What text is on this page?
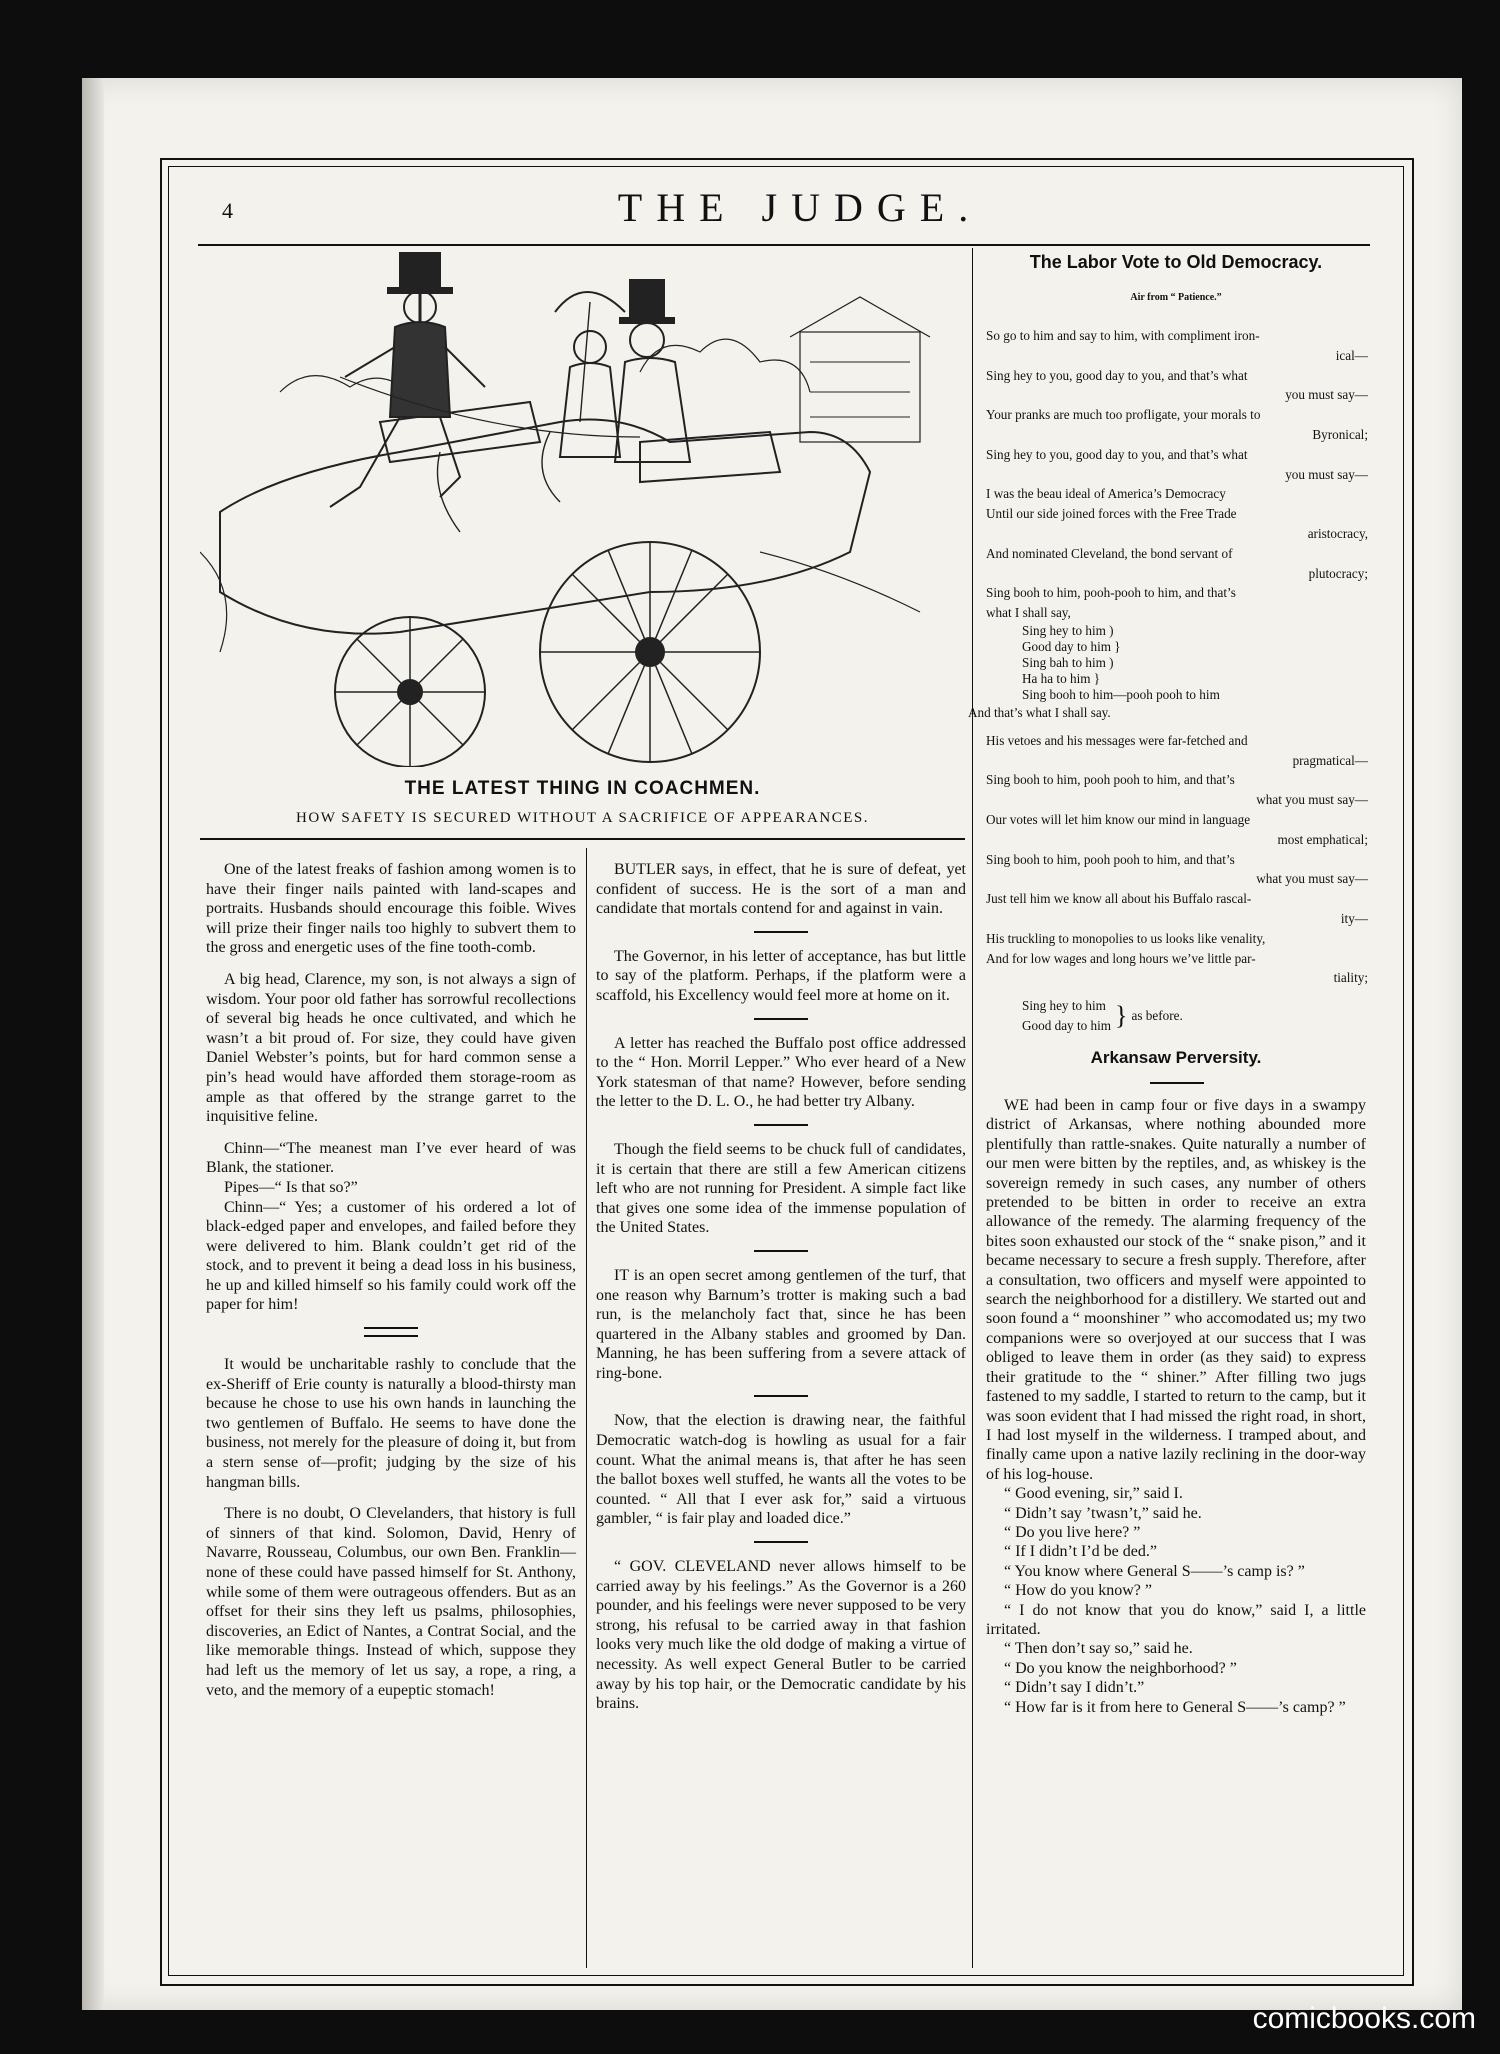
4	THE JUDGE.
THE LATEST THING IN COACHMEN.
HOW SAFETY IS SECURED WITHOUT A SACRIFICE OF APPEARANCES.

One of the latest freaks of fashion among women is to have their finger nails painted with land-scapes and portraits. Husbands should encourage this foible. Wives will prize their finger nails too highly to subvert them to the gross and energetic uses of the fine tooth-comb.

A big head, Clarence, my son, is not always a sign of wisdom. Your poor old father has sorrowful recollections of several big heads he once cultivated, and which he wasn’t a bit proud of. For size, they could have given Daniel Webster’s points, but for hard common sense a pin’s head would have afforded them storage-room as ample as that offered by the strange garret to the inquisitive feline.

Chinn—“The meanest man I’ve ever heard of was Blank, the stationer.

Pipes—“ Is that so?”

Chinn—“ Yes; a customer of his ordered a lot of black-edged paper and envelopes, and failed before they were delivered to him. Blank couldn’t get rid of the stock, and to prevent it being a dead loss in his business, he up and killed himself so his family could work off the paper for him!

It would be uncharitable rashly to conclude that the ex-Sheriff of Erie county is naturally a blood-thirsty man because he chose to use his own hands in launching the two gentlemen of Buffalo. He seems to have done the business, not merely for the pleasure of doing it, but from a stern sense of—profit; judging by the size of his hangman bills.

There is no doubt, O Clevelanders, that history is full of sinners of that kind. Solomon, David, Henry of Navarre, Rousseau, Columbus, our own Ben. Franklin—none of these could have passed himself for St. Anthony, while some of them were outrageous offenders. But as an offset for their sins they left us psalms, philosophies, discoveries, an Edict of Nantes, a Contrat Social, and the like memorable things. Instead of which, suppose they had left us the memory of let us say, a rope, a ring, a veto, and the memory of a eupeptic stomach!

BUTLER says, in effect, that he is sure of defeat, yet confident of success. He is the sort of a man and candidate that mortals contend for and against in vain.

The Governor, in his letter of acceptance, has but little to say of the platform. Perhaps, if the platform were a scaffold, his Excellency would feel more at home on it.

A letter has reached the Buffalo post office addressed to the “ Hon. Morril Lepper.” Who ever heard of a New York statesman of that name? However, before sending the letter to the D. L. O., he had better try Albany.

Though the field seems to be chuck full of candidates, it is certain that there are still a few American citizens left who are not running for President. A simple fact like that gives one some idea of the immense population of the United States.

IT is an open secret among gentlemen of the turf, that one reason why Barnum’s trotter is making such a bad run, is the melancholy fact that, since he has been quartered in the Albany stables and groomed by Dan. Manning, he has been suffering from a severe attack of ring-bone.

Now, that the election is drawing near, the faithful Democratic watch-dog is howling as usual for a fair count. What the animal means is, that after he has seen the ballot boxes well stuffed, he wants all the votes to be counted. “ All that I ever ask for,” said a virtuous gambler, “ is fair play and loaded dice.”

“ GOV. CLEVELAND never allows himself to be carried away by his feelings.” As the Governor is a 260 pounder, and his feelings were never supposed to be very strong, his refusal to be carried away in that fashion looks very much like the old dodge of making a virtue of necessity. As well expect General Butler to be carried away by his top hair, or the Democratic candidate by his brains.

The Labor Vote to Old Democracy.
Air from “ Patience.”

So go to him and say to him, with compliment iron-

ical—

Sing hey to you, good day to you, and that’s what

you must say—

Your pranks are much too profligate, your morals to

Byronical;

Sing hey to you, good day to you, and that’s what

you must say—

I was the beau ideal of America’s Democracy

Until our side joined forces with the Free Trade

aristocracy,

And nominated Cleveland, the bond servant of

plutocracy;

Sing booh to him, pooh-pooh to him, and that’s

what I shall say,

Sing hey to him )
Good day to him }
Sing bah to him )
Ha ha to him }
Sing booh to him—pooh pooh to him

And that’s what I shall say.

His vetoes and his messages were far-fetched and

pragmatical—

Sing booh to him, pooh pooh to him, and that’s

what you must say—

Our votes will let him know our mind in language

most emphatical;

Sing booh to him, pooh pooh to him, and that’s

what you must say—

Just tell him we know all about his Buffalo rascal-

ity—

His truckling to monopolies to us looks like venality,

And for low wages and long hours we’ve little par-

tiality;

Sing hey to him
Good day to him } as before.
Arkansaw Perversity.

WE had been in camp four or five days in a swampy district of Arkansas, where nothing abounded more plentifully than rattle-snakes. Quite naturally a number of our men were bitten by the reptiles, and, as whiskey is the sovereign remedy in such cases, any number of others pretended to be bitten in order to receive an extra allowance of the remedy. The alarming frequency of the bites soon exhausted our stock of the “ snake pison,” and it became necessary to secure a fresh supply. Therefore, after a consultation, two officers and myself were appointed to search the neighborhood for a distillery. We started out and soon found a “ moonshiner ” who accomodated us; my two companions were so overjoyed at our success that I was obliged to leave them in order (as they said) to express their gratitude to the “ shiner.” After filling two jugs fastened to my saddle, I started to return to the camp, but it was soon evident that I had missed the right road, in short, I had lost myself in the wilderness. I tramped about, and finally came upon a native lazily reclining in the door-way of his log-house.

“ Good evening, sir,” said I.

“ Didn’t say ’twasn’t,” said he.

“ Do you live here? ”

“ If I didn’t I’d be ded.”

“ You know where General S——’s camp is? ”

“ How do you know? ”

“ I do not know that you do know,” said I, a little irritated.

“ Then don’t say so,” said he.

“ Do you know the neighborhood? ”

“ Didn’t say I didn’t.”

“ How far is it from here to General S——’s camp? ”

comicbooks.com
